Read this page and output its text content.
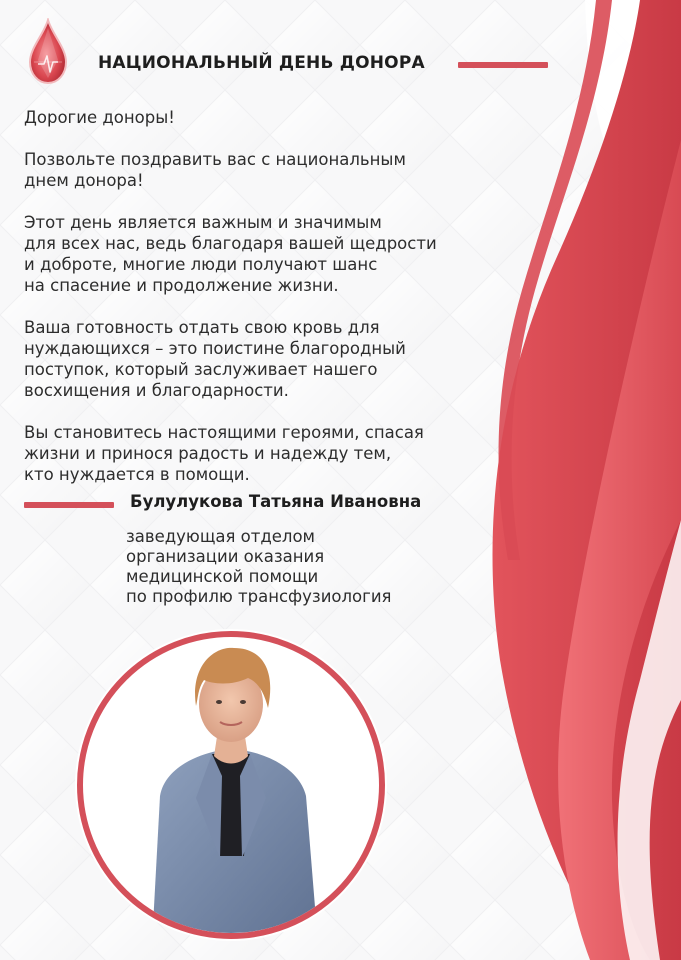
НАЦИОНАЛЬНЫЙ ДЕНЬ ДОНОРА

Дорогие доноры!

Позвольте поздравить вас с национальным
днем донора!

Этот день является важным и значимым
для всех нас, ведь благодаря вашей щедрости
и доброте, многие люди получают шанс
на спасение и продолжение жизни.

Ваша готовность отдать свою кровь для
нуждающихся – это поистине благородный
поступок, который заслуживает нашего
восхищения и благодарности.

Вы становитесь настоящими героями, спасая
жизни и принося радость и надежду тем,
кто нуждается в помощи.

Булулукова Татьяна Ивановна
заведующая отделом
организации оказания
медицинской помощи
по профилю трансфузиология
